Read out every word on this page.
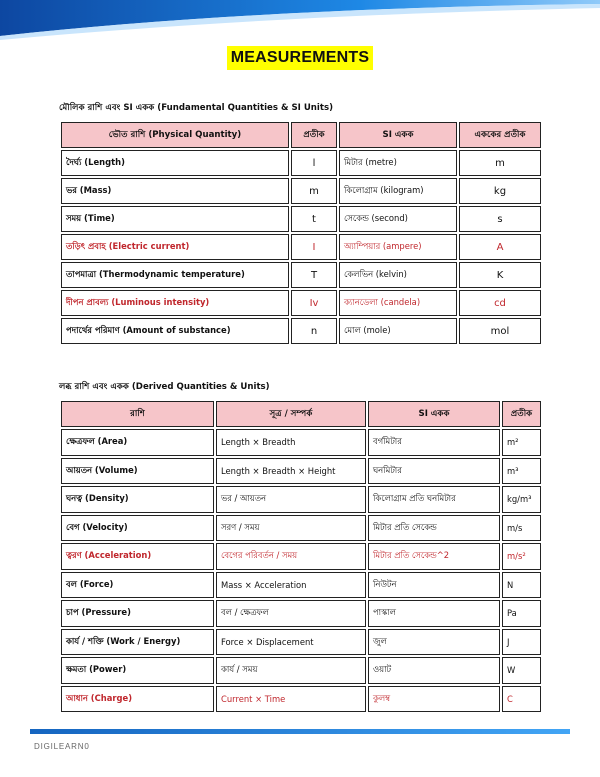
MEASUREMENTS
মৌলিক রাশি এবং SI একক (Fundamental Quantities & SI Units)
ভৌত রাশি (Physical Quantity)	প্রতীক	SI একক	এককের প্রতীক
দৈর্ঘ্য (Length)	l	মিটার (metre)	m
ভর (Mass)	m	কিলোগ্রাম (kilogram)	kg
সময় (Time)	t	সেকেন্ড (second)	s
তড়িৎ প্রবাহ (Electric current)	I	অ্যাম্পিয়ার (ampere)	A
তাপমাত্রা (Thermodynamic temperature)	T	কেলভিন (kelvin)	K
দীপন প্রাবল্য (Luminous intensity)	Iv	ক্যানডেলা (candela)	cd
পদার্থের পরিমাণ (Amount of substance)	n	মোল (mole)	mol
লব্ধ রাশি এবং একক (Derived Quantities & Units)
রাশি	সূত্র / সম্পর্ক	SI একক	প্রতীক
ক্ষেত্রফল (Area)	Length × Breadth	বর্গমিটার	m²
আয়তন (Volume)	Length × Breadth × Height	ঘনমিটার	m³
ঘনত্ব (Density)	ভর / আয়তন	কিলোগ্রাম প্রতি ঘনমিটার	kg/m³
বেগ (Velocity)	সরণ / সময়	মিটার প্রতি সেকেন্ড	m/s
ত্বরণ (Acceleration)	বেগের পরিবর্তন / সময়	মিটার প্রতি সেকেন্ড^2	m/s²
বল (Force)	Mass × Acceleration	নিউটন	N
চাপ (Pressure)	বল / ক্ষেত্রফল	পাস্কাল	Pa
কার্য / শক্তি (Work / Energy)	Force × Displacement	জুল	J
ক্ষমতা (Power)	কার্য / সময়	ওয়াট	W
আধান (Charge)	Current × Time	কুলম্ব	C
DIGILEARN0
